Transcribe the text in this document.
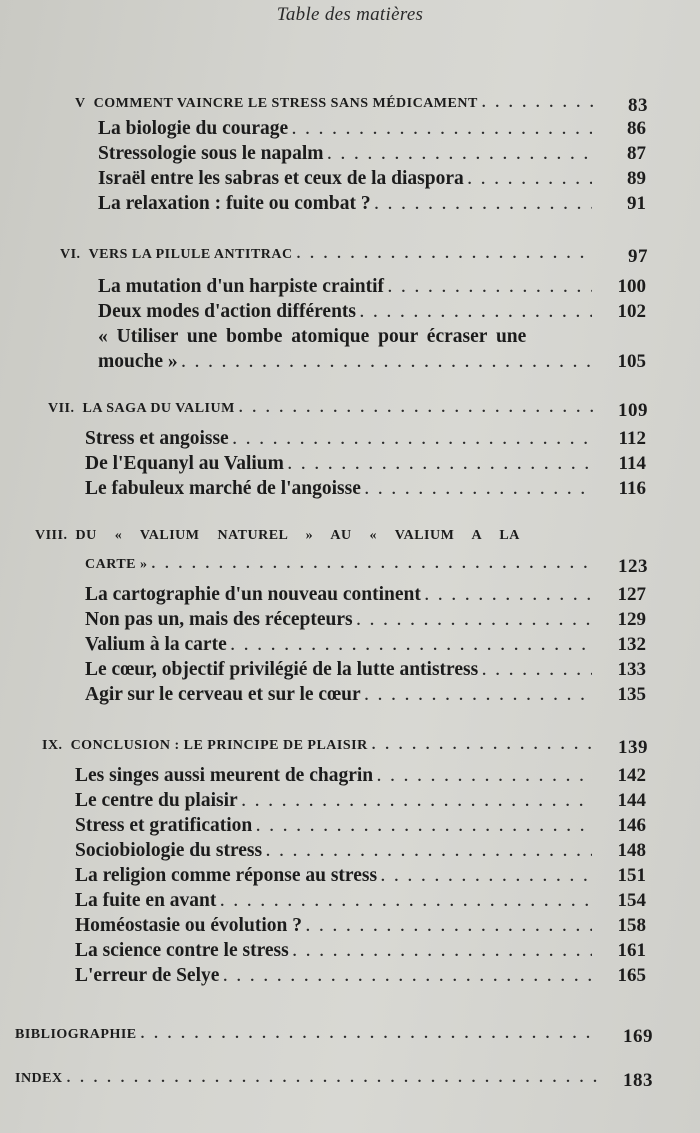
Table des matières
V COMMENT VAINCRE LE STRESS SANS MÉDICAMENT . . .	83
La biologie du courage . . .	86
Stressologie sous le napalm . . .	87
Israël entre les sabras et ceux de la diaspora . . .	89
La relaxation : fuite ou combat ? . . .	91
VI. VERS LA PILULE ANTITRAC . . .	97
La mutation d'un harpiste craintif . . .	100
Deux modes d'action différents . . .	102
« Utiliser une bombe atomique pour écraser une
mouche » . . .	105
VII. LA SAGA DU VALIUM . . .	109
Stress et angoisse . . .	112
De l'Equanyl au Valium . . .	114
Le fabuleux marché de l'angoisse . . .	116
VIII. DU « VALIUM NATUREL » AU « VALIUM A LA
CARTE » . . .	123
La cartographie d'un nouveau continent . . .	127
Non pas un, mais des récepteurs . . .	129
Valium à la carte . . .	132
Le cœur, objectif privilégié de la lutte antistress . . .	133
Agir sur le cerveau et sur le cœur . . .	135
IX. CONCLUSION : LE PRINCIPE DE PLAISIR . . .	139
Les singes aussi meurent de chagrin . . .	142
Le centre du plaisir . . .	144
Stress et gratification . . .	146
Sociobiologie du stress . . .	148
La religion comme réponse au stress . . .	151
La fuite en avant . . .	154
Homéostasie ou évolution ? . . .	158
La science contre le stress . . .	161
L'erreur de Selye . . .	165
BIBLIOGRAPHIE . . .	169
INDEX . . .	183
